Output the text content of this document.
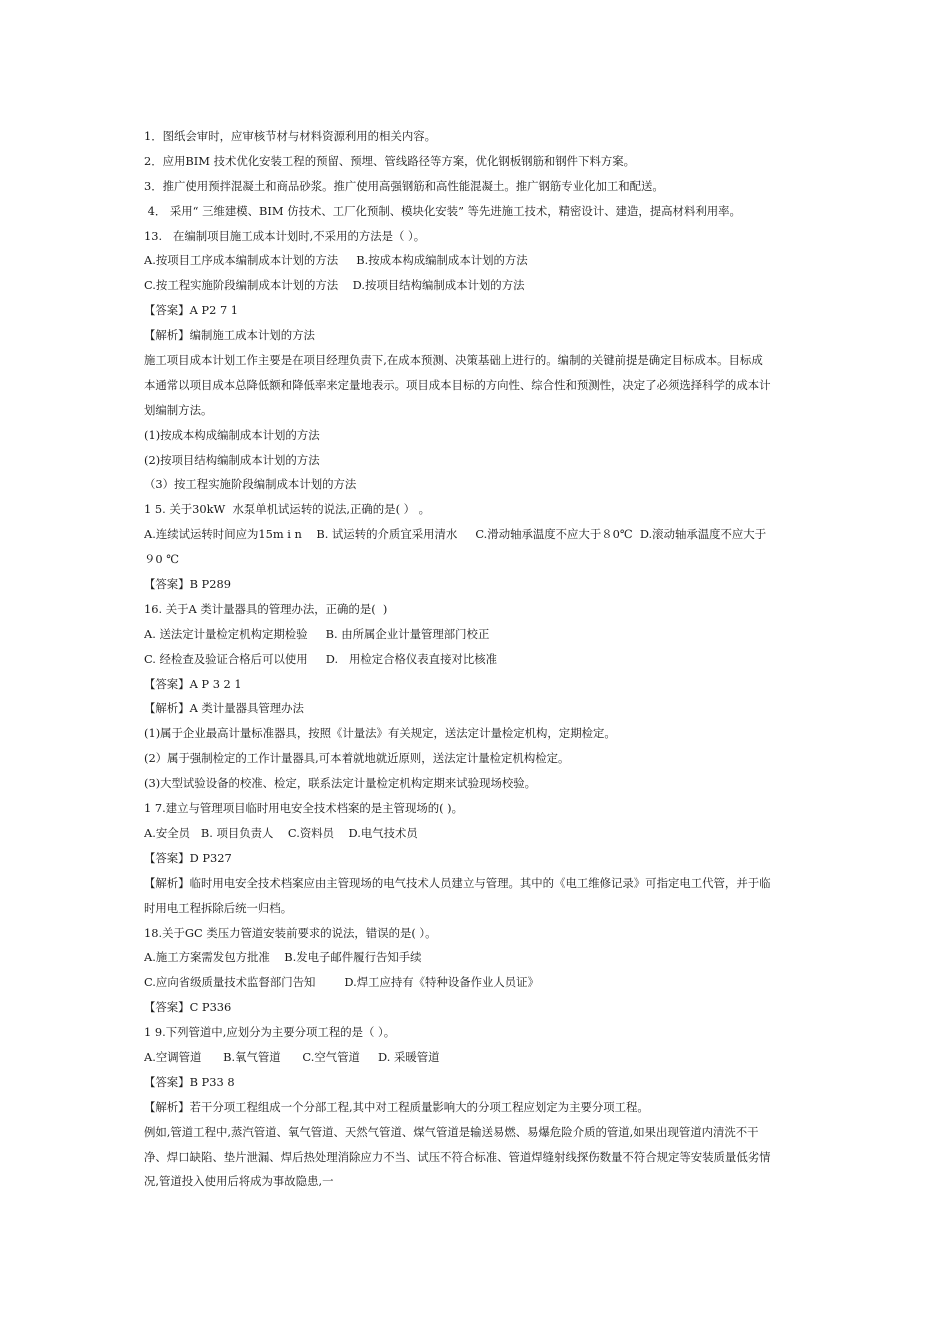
1．图纸会审时，应审核节材与材料资源利用的相关内容。
2．应用BIM 技术优化安装工程的预留、预埋、管线路径等方案，优化钢板钢筋和钢件下料方案。
3．推广使用预拌混凝土和商品砂浆。推广使用高强钢筋和高性能混凝土。推广钢筋专业化加工和配送。
4． 采用“ 三维建模、BIM 仿技术、工厂化预制、模块化安装” 等先进施工技术，精密设计、建造，提高材料利用率。
13.   在编制项目施工成本计划时,不采用的方法是（ ）。
A.按项目工序成本编制成本计划的方法     B.按成本构成编制成本计划的方法
C.按工程实施阶段编制成本计划的方法    D.按项目结构编制成本计划的方法
【答案】A P2 7 1
【解析】编制施工成本计划的方法
施工项目成本计划工作主要是在项目经理负责下,在成本预测、决策基础上进行的。编制的关键前提是确定目标成本。目标成
本通常以项目成本总降低额和降低率来定量地表示。项目成本目标的方向性、综合性和预测性，决定了必须选择科学的成本计
划编制方法。
(1)按成本构成编制成本计划的方法
(2)按项目结构编制成本计划的方法
（3）按工程实施阶段编制成本计划的方法
1 5. 关于30kW  水泵单机试运转的说法,正确的是( ） 。
A.连续试运转时间应为15m i n    B. 试运转的介质宜采用清水     C.滑动轴承温度不应大于８0℃  D.滚动轴承温度不应大于
９0 ℃
【答案】B P289
16. 关于A 类计量器具的管理办法，正确的是(  )
A. 送法定计量检定机构定期检验     B. 由所属企业计量管理部门校正
C. 经检查及验证合格后可以使用     D.   用检定合格仪表直接对比核准
【答案】A P 3 2 1
【解析】A 类计量器具管理办法
(1)属于企业最高计量标准器具，按照《计量法》有关规定，送法定计量检定机构，定期检定。
(2）属于强制检定的工作计量器具,可本着就地就近原则，送法定计量检定机构检定。
(3)大型试验设备的校准、检定，联系法定计量检定机构定期来试验现场校验。
1 7.建立与管理项目临时用电安全技术档案的是主管现场的( )。
A.安全员   B. 项目负责人    C.资料员    D.电气技术员
【答案】D P327
【解析】临时用电安全技术档案应由主管现场的电气技术人员建立与管理。其中的《电工维修记录》可指定电工代管，并于临
时用电工程拆除后统一归档。
18.关于GC 类压力管道安装前要求的说法，错误的是( ）。
A.施工方案需发包方批准    B.发电子邮件履行告知手续
C.应向省级质量技术监督部门告知        D.焊工应持有《特种设备作业人员证》
【答案】C P336
1 9.下列管道中,应划分为主要分项工程的是（ ）。
A.空调管道      B.氧气管道      C.空气管道     D. 采暖管道
【答案】B P33 8
【解析】若干分项工程组成一个分部工程,其中对工程质量影响大的分项工程应划定为主要分项工程。
例如,管道工程中,蒸汽管道、氧气管道、天然气管道、煤气管道是输送易燃、易爆危险介质的管道,如果出现管道内清洗不干
净、焊口缺陷、垫片泄漏、焊后热处理消除应力不当、试压不符合标准、管道焊缝射线探伤数量不符合规定等安装质量低劣情
况,管道投入使用后将成为事故隐患,一
